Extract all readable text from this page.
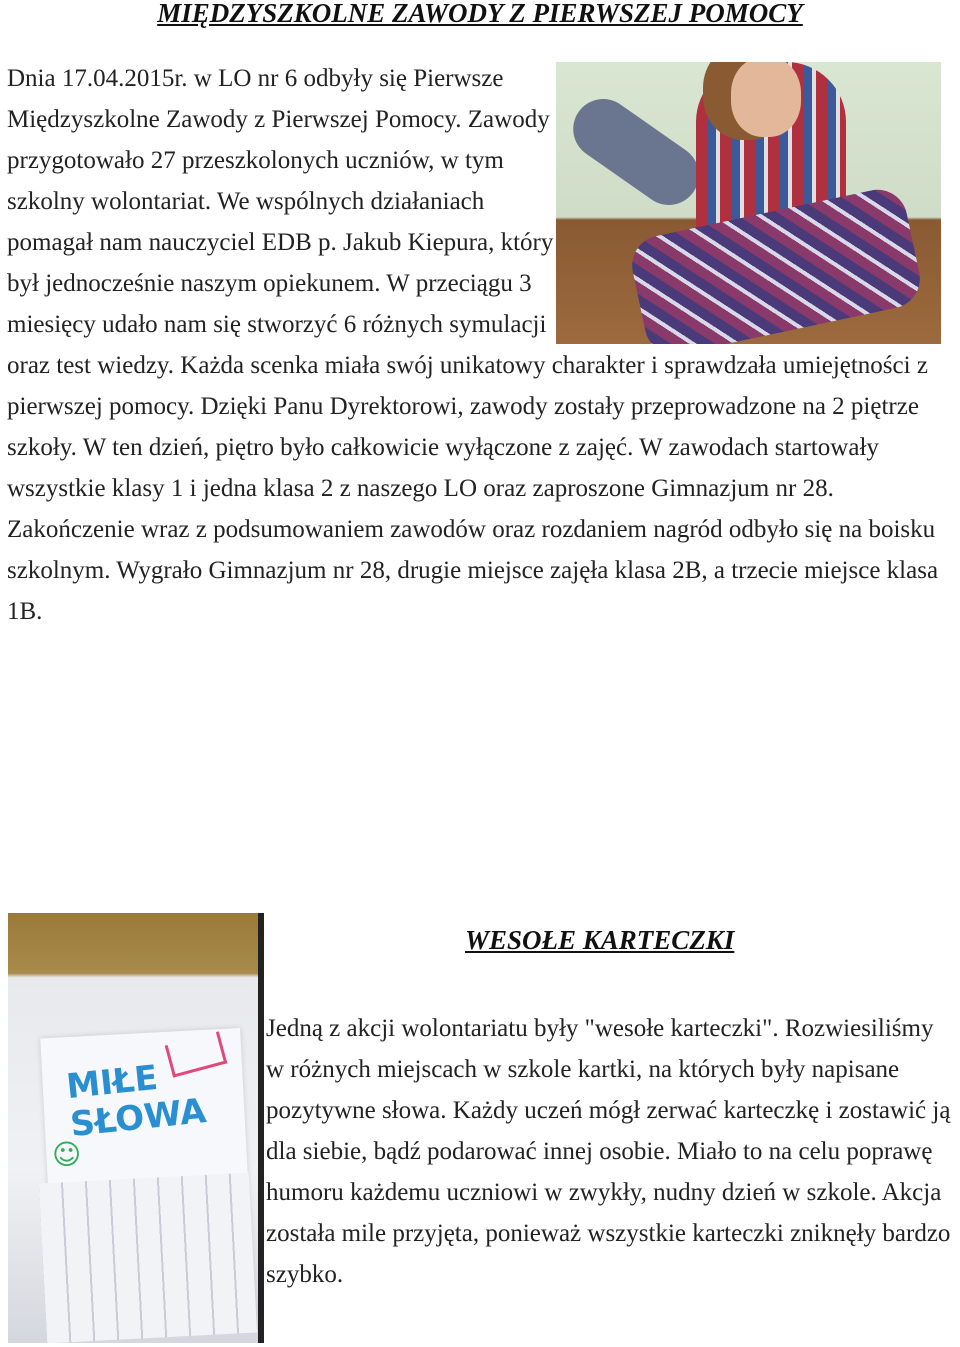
MIĘDZYSZKOLNE ZAWODY Z PIERWSZEJ POMOCY

Dnia 17.04.2015r. w LO nr 6 odbyły się Pierwsze Międzyszkolne Zawody z Pierwszej Pomocy. Zawody przygotowało 27 przeszkolonych uczniów, w tym szkolny wolontariat. We wspólnych działaniach pomagał nam nauczyciel EDB p. Jakub Kiepura, który był jednocześnie naszym opiekunem. W przeciągu 3 miesięcy udało nam się stworzyć 6 różnych symulacji oraz test wiedzy. Każda scenka miała swój unikatowy charakter i sprawdzała umiejętności z pierwszej pomocy. Dzięki Panu Dyrektorowi, zawody zostały przeprowadzone na 2 piętrze szkoły. W ten dzień, piętro było całkowicie wyłączone z zajęć. W zawodach startowały wszystkie klasy 1 i jedna klasa 2 z naszego LO oraz zaproszone Gimnazjum nr 28. Zakończenie wraz z podsumowaniem zawodów oraz rozdaniem nagród odbyło się na boisku szkolnym. Wygrało Gimnazjum nr 28, drugie miejsce zajęła klasa 2B, a trzecie miejsce klasa 1B.

MIŁE SŁOWA
☺
WESOŁE KARTECZKI

Jedną z akcji wolontariatu były "wesołe karteczki". Rozwiesiliśmy w różnych miejscach w szkole kartki, na których były napisane pozytywne słowa. Każdy uczeń mógł zerwać karteczkę i zostawić ją dla siebie, bądź podarować innej osobie. Miało to na celu poprawę humoru każdemu uczniowi w zwykły, nudny dzień w szkole. Akcja została mile przyjęta, ponieważ wszystkie karteczki zniknęły bardzo szybko.
